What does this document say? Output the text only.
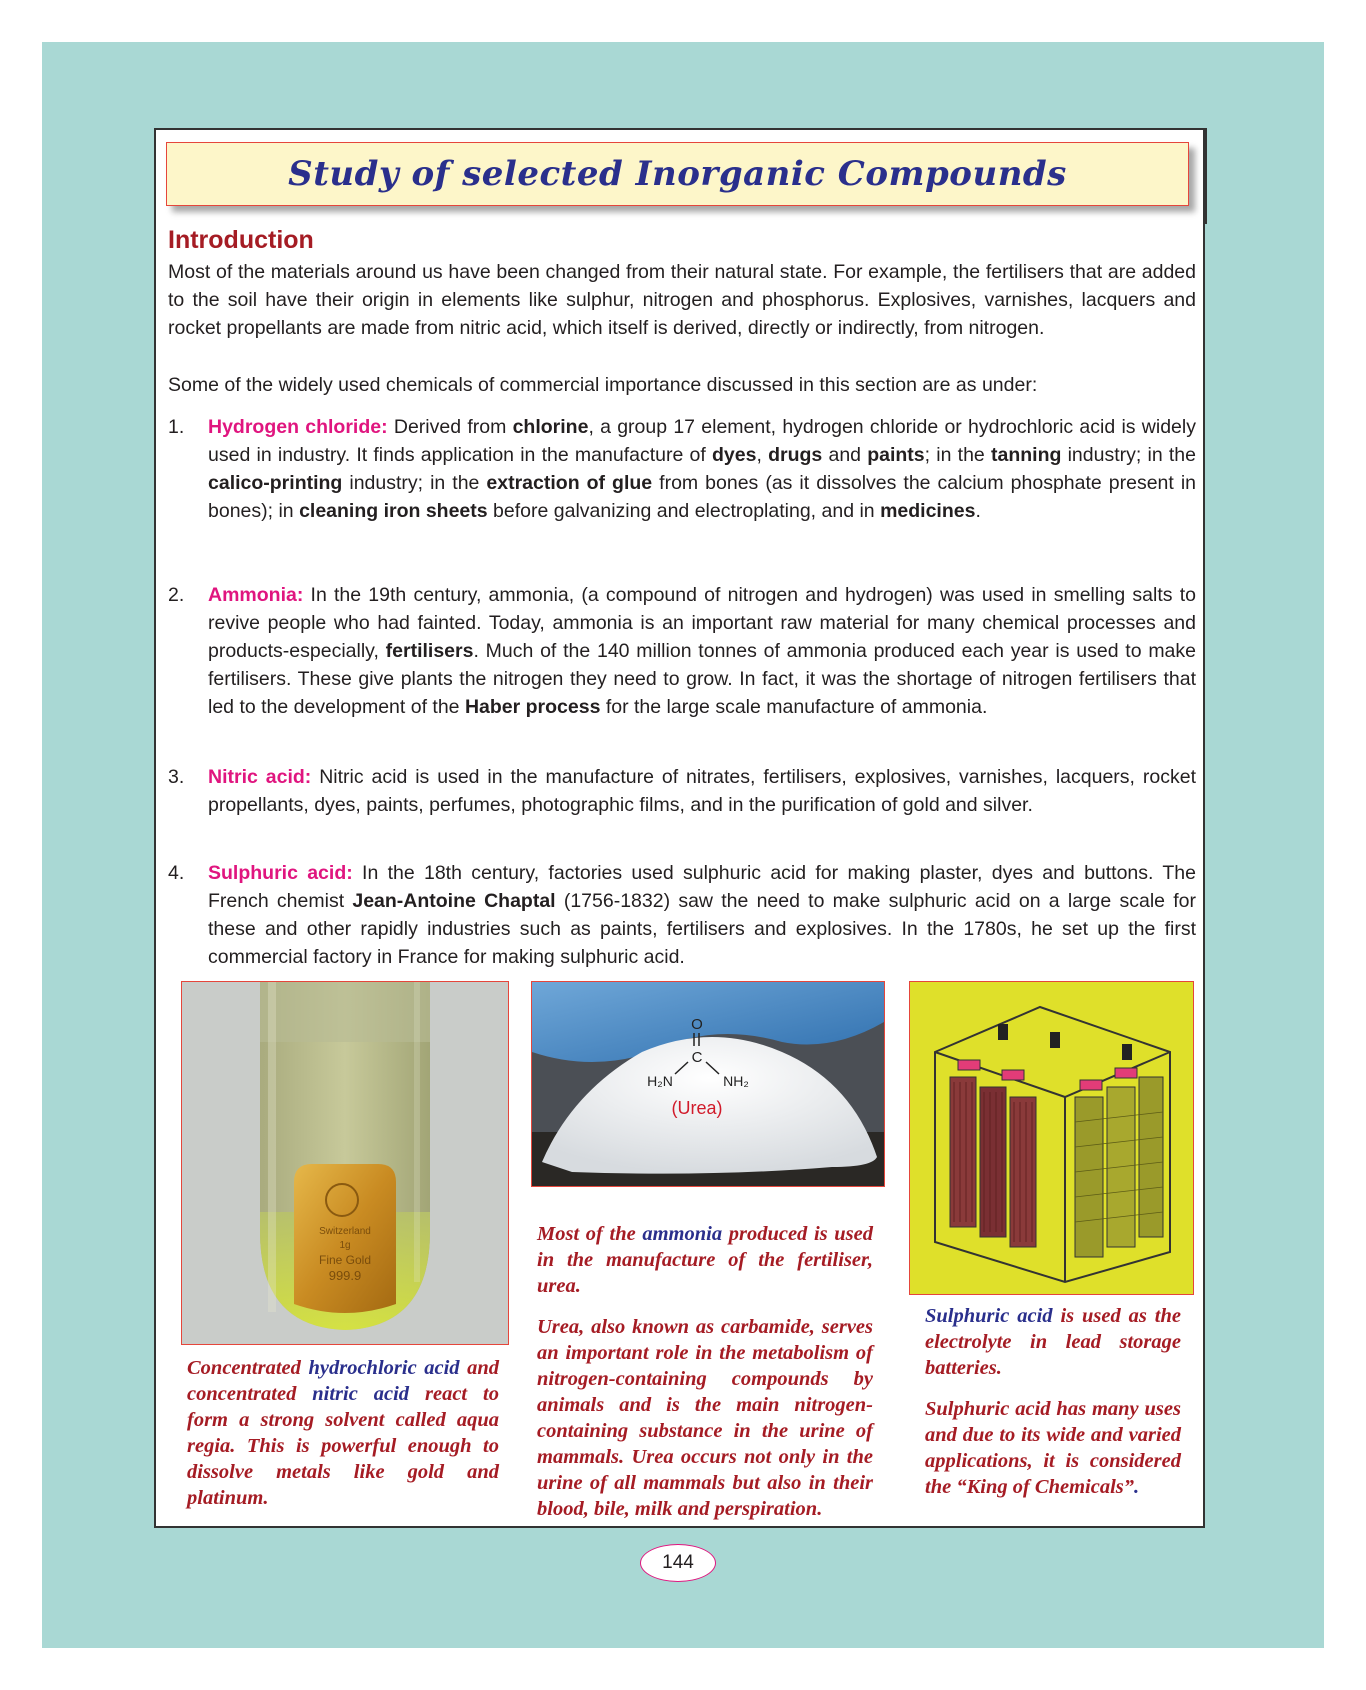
Study of selected Inorganic Compounds
Introduction

Most of the materials around us have been changed from their natural state. For example, the fertilisers that are added to the soil have their origin in elements like sulphur, nitrogen and phosphorus. Explosives, varnishes, lacquers and rocket propellants are made from nitric acid, which itself is derived, directly or indirectly, from nitrogen.

Some of the widely used chemicals of commercial importance discussed in this section are as under:

1.	Hydrogen chloride: Derived from chlorine, a group 17 element, hydrogen chloride or hydrochloric acid is widely used in industry. It finds application in the manufacture of dyes, drugs and paints; in the tanning industry; in the calico-printing industry; in the extraction of glue from bones (as it dissolves the calcium phosphate present in bones); in cleaning iron sheets before galvanizing and electroplating, and in medicines.
2.	Ammonia: In the 19th century, ammonia, (a compound of nitrogen and hydrogen) was used in smelling salts to revive people who had fainted. Today, ammonia is an important raw material for many chemical processes and products-especially, fertilisers. Much of the 140 million tonnes of ammonia produced each year is used to make fertilisers. These give plants the nitrogen they need to grow. In fact, it was the shortage of nitrogen fertilisers that led to the development of the Haber process for the large scale manufacture of ammonia.
3.	Nitric acid: Nitric acid is used in the manufacture of nitrates, fertilisers, explosives, varnishes, lacquers, rocket propellants, dyes, paints, perfumes, photographic films, and in the purification of gold and silver.
4.	Sulphuric acid: In the 18th century, factories used sulphuric acid for making plaster, dyes and buttons. The French chemist Jean-Antoine Chaptal (1756-1832) saw the need to make sulphuric acid on a large scale for these and other rapidly industries such as paints, fertilisers and explosives. In the 1780s, he set up the first commercial factory in France for making sulphuric acid.
Switzerland
1g
Fine Gold
999.9

Concentrated hydrochloric acid and concentrated nitric acid react to form a strong solvent called aqua regia. This is powerful enough to dissolve metals like gold and platinum.

O
C
H₂N	NH₂
(Urea)

Most of the ammonia produced is used in the manufacture of the fertiliser, urea.

Urea, also known as carbamide, serves an important role in the metabolism of nitrogen-containing compounds by animals and is the main nitrogen-containing substance in the urine of mammals. Urea occurs not only in the urine of all mammals but also in their blood, bile, milk and perspiration.

Sulphuric acid is used as the electrolyte in lead storage batteries.

Sulphuric acid has many uses and due to its wide and varied applications, it is considered the “King of Chemicals”.

144
